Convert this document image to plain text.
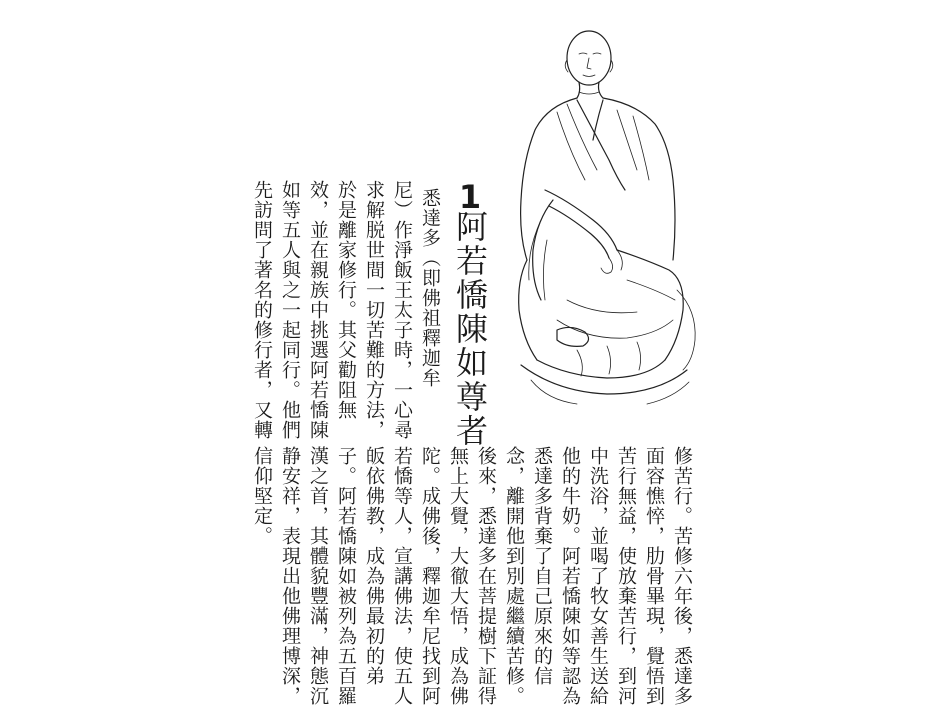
1
阿若憍陳如尊者
悉達多（即佛祖釋迦牟
尼）作淨飯王太子時，一心尋
求解脱世間一切苦難的方法，
於是離家修行。其父勸阻無
效，並在親族中挑選阿若憍陳
如等五人與之一起同行。他們
先訪問了著名的修行者，又轉
修苦行。苦修六年後，悉達多
面容憔悴，肋骨畢現，覺悟到
苦行無益，使放棄苦行，到河
中洗浴，並喝了牧女善生送給
他的牛奶。阿若憍陳如等認為
悉達多背棄了自己原來的信
念，離開他到別處繼續苦修。
後來，悉達多在菩提樹下証得
無上大覺，大徹大悟，成為佛
陀。成佛後，釋迦牟尼找到阿
若憍等人，宣講佛法，使五人
皈依佛教，成為佛最初的弟
子。阿若憍陳如被列為五百羅
漢之首，其體貌豐滿，神態沉
静安祥，表現出他佛理博深，
信仰堅定。
